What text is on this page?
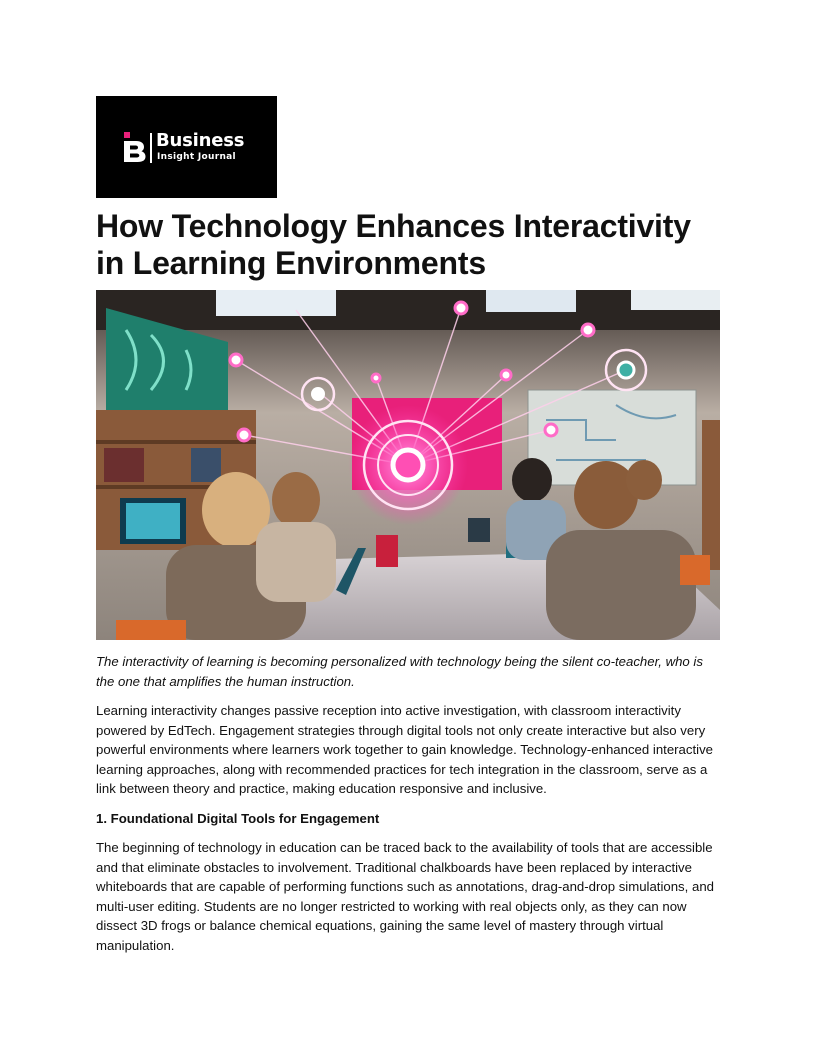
Business
Insight Journal
How Technology Enhances Interactivity in Learning Environments

The interactivity of learning is becoming personalized with technology being the silent co-teacher, who is the one that amplifies the human instruction.

Learning interactivity changes passive reception into active investigation, with classroom interactivity powered by EdTech. Engagement strategies through digital tools not only create interactive but also very powerful environments where learners work together to gain knowledge. Technology-enhanced interactive learning approaches, along with recommended practices for tech integration in the classroom, serve as a link between theory and practice, making education responsive and inclusive.

1. Foundational Digital Tools for Engagement

The beginning of technology in education can be traced back to the availability of tools that are accessible and that eliminate obstacles to involvement. Traditional chalkboards have been replaced by interactive whiteboards that are capable of performing functions such as annotations, drag-and-drop simulations, and multi-user editing. Students are no longer restricted to working with real objects only, as they can now dissect 3D frogs or balance chemical equations, gaining the same level of mastery through virtual manipulation.
